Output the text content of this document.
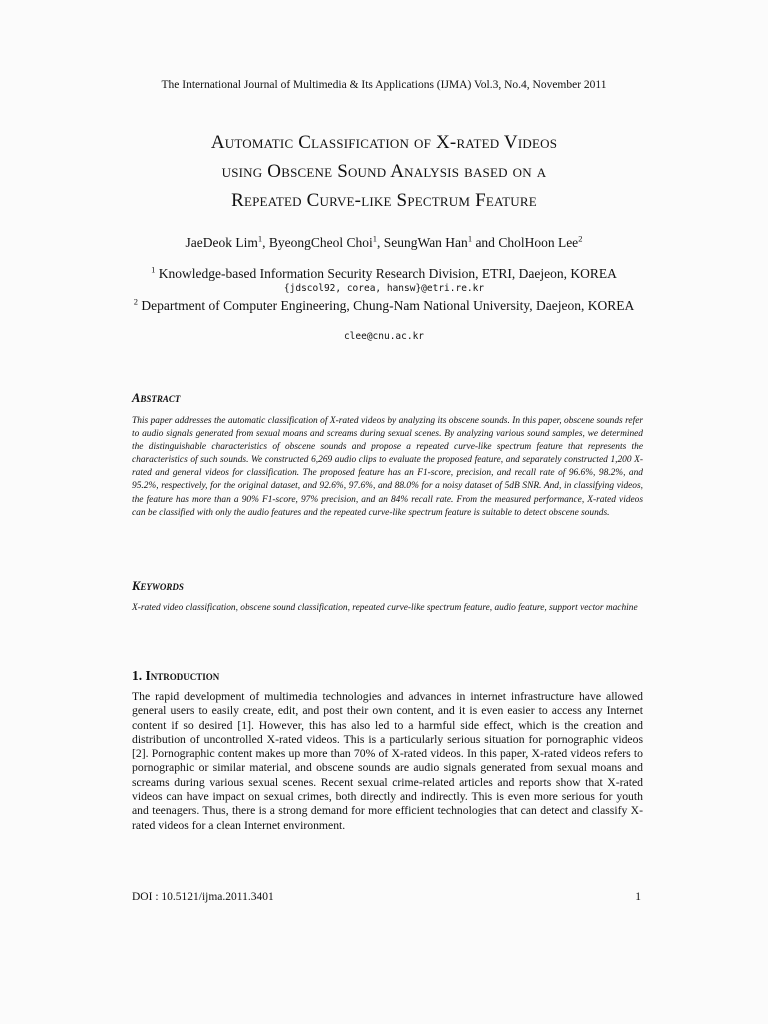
The International Journal of Multimedia & Its Applications (IJMA) Vol.3, No.4, November 2011
Automatic Classification of X-rated Videos
using Obscene Sound Analysis based on a
Repeated Curve-like Spectrum Feature
JaeDeok Lim$^1$, ByeongCheol Choi$^1$, SeungWan Han$^1$ and CholHoon Lee$^2$
$^1$ Knowledge-based Information Security Research Division, ETRI, Daejeon, KOREA
{jdscol92, corea, hansw}@etri.re.kr
$^2$ Department of Computer Engineering, Chung-Nam National University, Daejeon, KOREA
clee@cnu.ac.kr
Abstract
This paper addresses the automatic classification of X-rated videos by analyzing its obscene sounds. In this paper, obscene sounds refer to audio signals generated from sexual moans and screams during sexual scenes. By analyzing various sound samples, we determined the distinguishable characteristics of obscene sounds and propose a repeated curve-like spectrum feature that represents the characteristics of such sounds. We constructed 6,269 audio clips to evaluate the proposed feature, and separately constructed 1,200 X-rated and general videos for classification. The proposed feature has an F1-score, precision, and recall rate of 96.6%, 98.2%, and 95.2%, respectively, for the original dataset, and 92.6%, 97.6%, and 88.0% for a noisy dataset of 5dB SNR. And, in classifying videos, the feature has more than a 90% F1-score, 97% precision, and an 84% recall rate. From the measured performance, X-rated videos can be classified with only the audio features and the repeated curve-like spectrum feature is suitable to detect obscene sounds.
Keywords
X-rated video classification, obscene sound classification, repeated curve-like spectrum feature, audio feature, support vector machine
1. Introduction
The rapid development of multimedia technologies and advances in internet infrastructure have allowed general users to easily create, edit, and post their own content, and it is even easier to access any Internet content if so desired [1]. However, this has also led to a harmful side effect, which is the creation and distribution of uncontrolled X-rated videos. This is a particularly serious situation for pornographic videos [2]. Pornographic content makes up more than 70% of X-rated videos. In this paper, X-rated videos refers to pornographic or similar material, and obscene sounds are audio signals generated from sexual moans and screams during various sexual scenes. Recent sexual crime-related articles and reports show that X-rated videos can have impact on sexual crimes, both directly and indirectly. This is even more serious for youth and teenagers. Thus, there is a strong demand for more efficient technologies that can detect and classify X-rated videos for a clean Internet environment.
DOI : 10.5121/ijma.2011.3401	1
